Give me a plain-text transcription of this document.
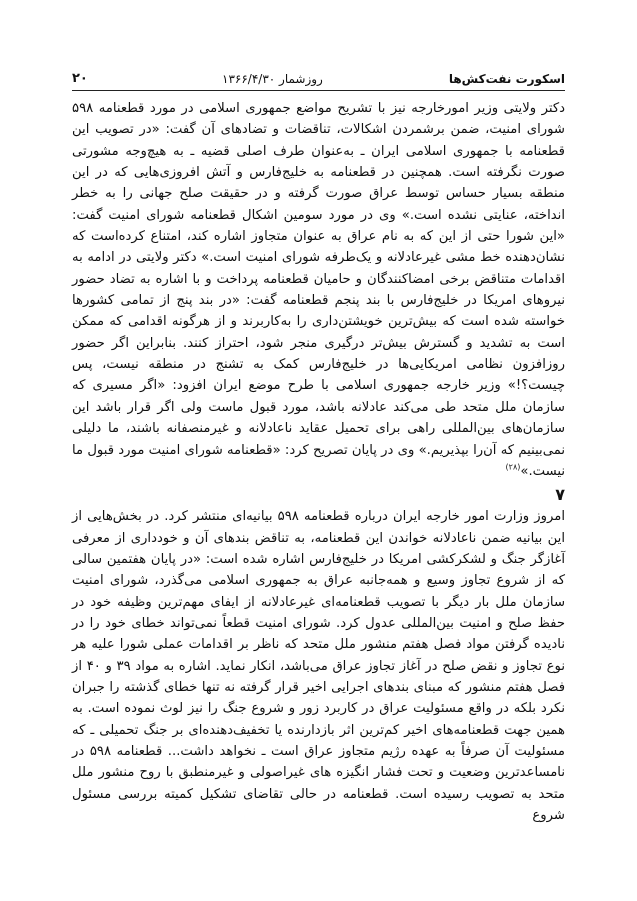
۲۰	روزشمار ۱۳۶۶/۴/۳۰	اسکورت نفت‌کش‌ها

دکتر ولایتی وزیر امورخارجه نیز با تشریح مواضع جمهوری اسلامی در مورد قطعنامه ۵۹۸ شورای امنیت، ضمن برشمردن اشکالات، تناقضات و تضادهای آن گفت: «در تصویب این قطعنامه با جمهوری اسلامی ایران ـ به‌عنوان طرف اصلی قضیه ـ به هیچ‌وجه مشورتی صورت نگرفته است. همچنین در قطعنامه به خلیج‌فارس و آتش افروزی‌هایی که در این منطقه بسیار حساس توسط عراق صورت گرفته و در حقیقت صلح جهانی را به خطر انداخته، عنایتی نشده است.» وی در مورد سومین اشکال قطعنامه شورای امنیت گفت: «این شورا حتی از این که به نام عراق به عنوان متجاوز اشاره کند، امتناع کرده‌است که نشان‌دهنده خط مشی غیرعادلانه و یک‌طرفه شورای امنیت است.» دکتر ولایتی در ادامه به اقدامات متناقض برخی امضاکنندگان و حامیان قطعنامه پرداخت و با اشاره به تضاد حضور نیروهای امریکا در خلیج‌فارس با بند پنجم قطعنامه گفت: «در بند پنج از تمامی کشورها خواسته شده است که بیش‌ترین خویشتن‌داری را به‌کاربرند و از هرگونه اقدامی که ممکن است به تشدید و گسترش بیش‌تر درگیری منجر شود، احتراز کنند. بنابراین اگر حضور روزافزون نظامی امریکایی‌ها در خلیج‌فارس کمک به تشنج در منطقه نیست، پس چیست؟!» وزیر خارجه جمهوری اسلامی با طرح موضع ایران افزود: «اگر مسیری که سازمان ملل متحد طی می‌کند عادلانه باشد، مورد قبول ماست ولی اگر قرار باشد این سازمان‌های بین‌المللی راهی برای تحمیل عقاید ناعادلانه و غیرمنصفانه باشند، ما دلیلی نمی‌بینیم که آن‌را بپذیریم.» وی در پایان تصریح کرد: «قطعنامه شورای امنیت مورد قبول ما نیست.»$^{(۲۸)}$

۷

امروز وزارت امور خارجه ایران درباره قطعنامه ۵۹۸ بیانیه‌ای منتشر کرد. در بخش‌هایی از این بیانیه ضمن ناعادلانه خواندن این قطعنامه، به تناقض بندهای آن و خودداری از معرفی آغازگر جنگ و لشکرکشی امریکا در خلیج‌فارس اشاره شده است: «در پایان هفتمین سالی که از شروع تجاوز وسیع و همه‌جانبه عراق به جمهوری اسلامی می‌گذرد، شورای امنیت سازمان ملل بار دیگر با تصویب قطعنامه‌ای غیرعادلانه از ایفای مهم‌ترین وظیفه خود در حفظ صلح و امنیت بین‌المللی عدول کرد. شورای امنیت قطعاً نمی‌تواند خطای خود را در نادیده گرفتن مواد فصل هفتم منشور ملل متحد که ناظر بر اقدامات عملی شورا علیه هر نوع تجاوز و نقض صلح در آغاز تجاوز عراق می‌باشد، انکار نماید. اشاره به مواد ۳۹ و ۴۰ از فصل هفتم منشور که مبنای بندهای اجرایی اخیر قرار گرفته نه تنها خطای گذشته را جبران نکرد بلکه در واقع مسئولیت عراق در کاربرد زور و شروع جنگ را نیز لوث نموده است. به همین جهت قطعنامه‌های اخیر کم‌ترین اثر بازدارنده یا تخفیف‌دهنده‌ای بر جنگ تحمیلی ـ که مسئولیت آن صرفاً به عهده رژیم متجاوز عراق است ـ نخواهد داشت... قطعنامه ۵۹۸ در نامساعدترین وضعیت و تحت فشار انگیزه های غیراصولی و غیرمنطبق با روح منشور ملل متحد به تصویب رسیده است. قطعنامه در حالی تقاضای تشکیل کمیته بررسی مسئول شروع
